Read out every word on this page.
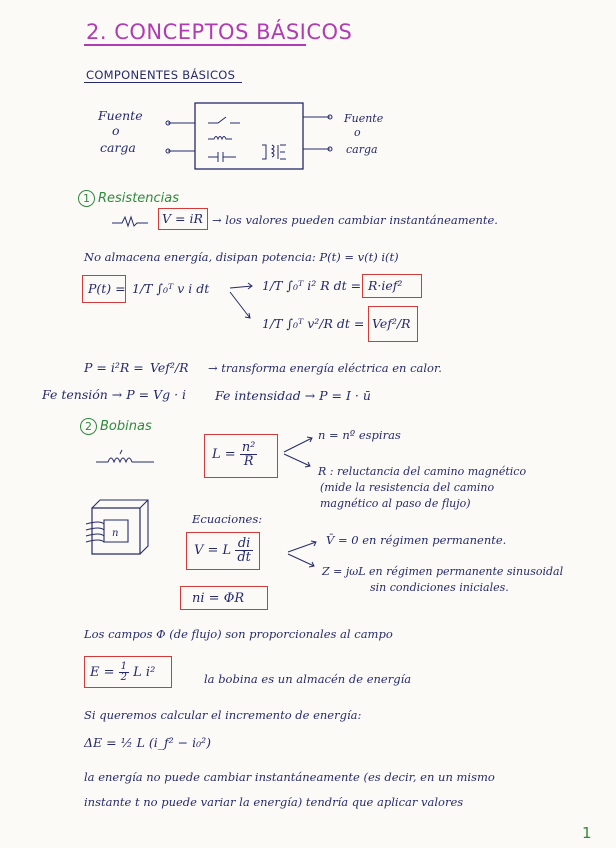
2. CONCEPTOS BÁSICOS
COMPONENTES BÁSICOS
Fuente
o
carga
Fuente
o
carga
1 Resistencias
V = iR → los valores pueden cambiar instantáneamente.
No almacena energía, disipan potencia: P(t) = v(t) i(t)
P(t) = 1/T ∫₀ᵀ v i dt	1/T ∫₀ᵀ i² R dt = R·ief²
1/T ∫₀ᵀ v²/R dt = Vef²/R
P = i²R = Vef²/R → transforma energía eléctrica en calor.
Fe tensión → P = Vg · i Fe intensidad → P = I · ū
2 Bobinas
$L = \frac{\text{n²}}{R}$
n = nº espiras
R : reluctancia del camino magnético
(mide la resistencia del camino
magnético al paso de flujo)
n
Ecuaciones:
V = L $\frac{di}{dt}$	V̄ = 0 en régimen permanente.
Z = jωL en régimen permanente sinusoidal
sin condiciones iniciales.
ni = ΦR
Los campos Φ (de flujo) son proporcionales al campo
$E = \frac{1}{2}$ L i²	la bobina es un almacén de energía
Si queremos calcular el incremento de energía:
ΔE = ½ L (i_f² − i₀²)
la energía no puede cambiar instantáneamente (es decir, en un mismo
instante t no puede variar la energía) tendría que aplicar valores
1
